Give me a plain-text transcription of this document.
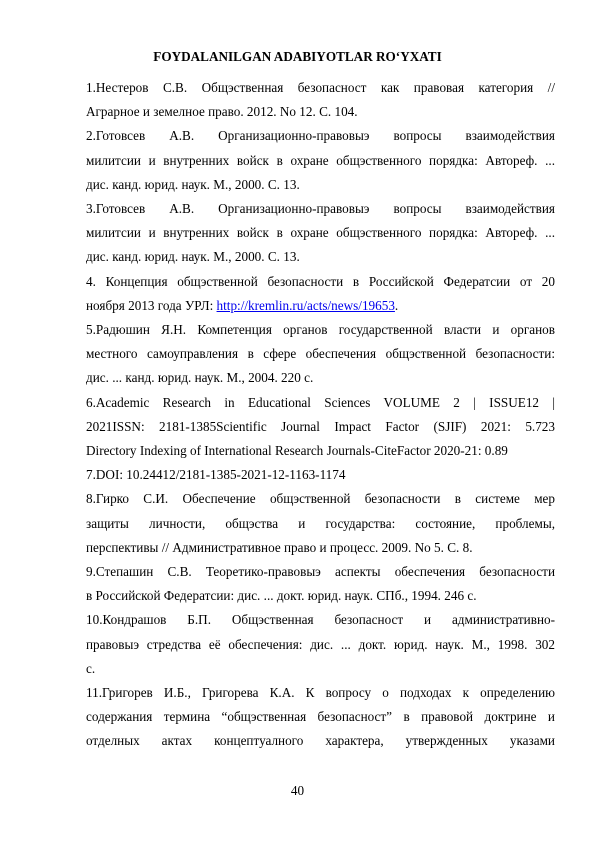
FOYDALANILGAN ADABIYOTLAR RO‘YXATI
1.Нестеров С.В. Общэственная безопасност как правовая категория //
Аграрное и земелное право. 2012. No 12. С. 104.
2.Готовсев А.В. Организационно-правовыэ вопросы взаимодействия
милитсии и внутренних войск в охране общэственного порядка: Автореф. ...
дис. канд. юрид. наук. М., 2000. С. 13.
3.Готовсев А.В. Организационно-правовыэ вопросы взаимодействия
милитсии и внутренних войск в охране общэственного порядка: Автореф. ...
дис. канд. юрид. наук. М., 2000. С. 13.
4. Концепция общэственной безопасности в Российской Федератсии от 20
ноября 2013 года УРЛ: http://kremlin.ru/acts/news/19653.
5.Радюшин Я.Н. Компетенция органов государственной власти и органов
местного самоуправления в сфере обеспечения общэственной безопасности:
дис. ... канд. юрид. наук. М., 2004. 220 с.
6.Academic Research in Educational Sciences VOLUME 2 | ISSUE12 |
2021ISSN: 2181-1385Scientific Journal Impact Factor (SJIF) 2021: 5.723
Directory Indexing of International Research Journals-CiteFactor 2020-21: 0.89
7.DOI: 10.24412/2181-1385-2021-12-1163-1174
8.Гирко С.И. Обеспечение общэственной безопасности в системе мер
защиты личности, общэства и государства: состояние, проблемы,
перспективы // Административное право и процесс. 2009. No 5. С. 8.
9.Степашин С.В. Теоретико-правовыэ аспекты обеспечения безопасности
в Российской Федератсии: дис. ... докт. юрид. наук. СПб., 1994. 246 с.
10.Кондрашов Б.П. Общэственная безопасност и административно-
правовыэ стредства её обеспечения: дис. ... докт. юрид. наук. М., 1998. 302
с.
11.Григорев И.Б., Григорева К.А. К вопросу о подходах к определению
содержания термина “общэственная безопасност” в правовой доктрине и
отделных актах концептуалного характера, утвержденных указами
40
